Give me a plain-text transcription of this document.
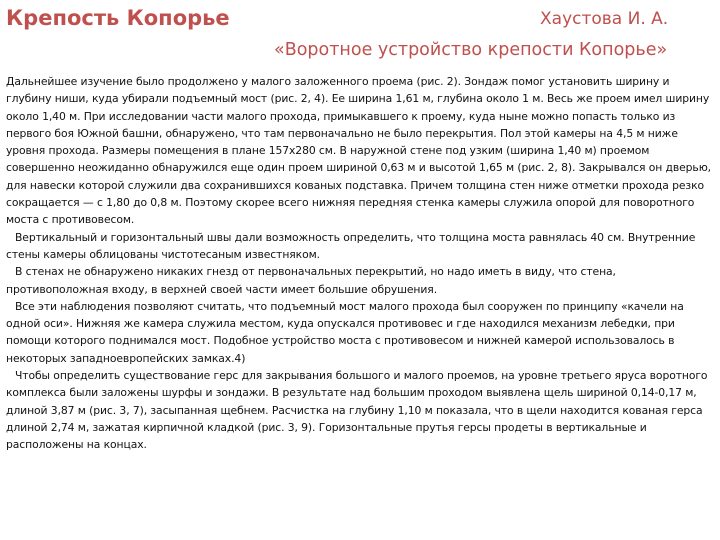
Крепость Копорье	Хаустова И. А.
«Воротное устройство крепости Копорье»

Дальнейшее изучение было продолжено у малого заложенного проема (рис. 2). Зондаж помог установить ширину и глубину ниши, куда убирали подъемный мост (рис. 2, 4). Ее ширина 1,61 м, глубина около 1 м. Весь же проем имел ширину около 1,40 м. При исследовании части малого прохода, примыкавшего к проему, куда ныне можно попасть только из первого боя Южной башни, обнаружено, что там первоначально не было перекрытия. Пол этой камеры на 4,5 м ниже уровня прохода. Размеры помещения в плане 157х280 см. В наружной стене под узким (ширина 1,40 м) проемом совершенно неожиданно обнаружился еще один проем шириной 0,63 м и высотой 1,65 м (рис. 2, 8). Закрывался он дверью, для навески которой служили два сохранившихся кованых подставка. Причем толщина стен ниже отметки прохода резко сокращается — с 1,80 до 0,8 м. Поэтому скорее всего нижняя передняя стенка камеры служила опорой для поворотного моста с противовесом.

Вертикальный и горизонтальный швы дали возможность определить, что толщина моста равнялась 40 см. Внутренние стены камеры облицованы чистотесаным известняком.

В стенах не обнаружено никаких гнезд от первоначальных перекрытий, но надо иметь в виду, что стена, противоположная входу, в верхней своей части имеет большие обрушения.

Все эти наблюдения позволяют считать, что подъемный мост малого прохода был сооружен по принципу «качели на одной оси». Нижняя же камера служила местом, куда опускался противовес и где находился механизм лебедки, при помощи которого поднимался мост. Подобное устройство моста с противовесом и нижней камерой использовалось в некоторых западноевропейских замках.4)

Чтобы определить существование герс для закрывания большого и малого проемов, на уровне третьего яруса воротного комплекса были заложены шурфы и зондажи. В результате над большим проходом выявлена щель шириной 0,14-0,17 м, длиной 3,87 м (рис. 3, 7), засыпанная щебнем. Расчистка на глубину 1,10 м показала, что в щели находится кованая герса длиной 2,74 м, зажатая кирпичной кладкой (рис. 3, 9). Горизонтальные прутья герсы продеты в вертикальные и расположены на концах.
